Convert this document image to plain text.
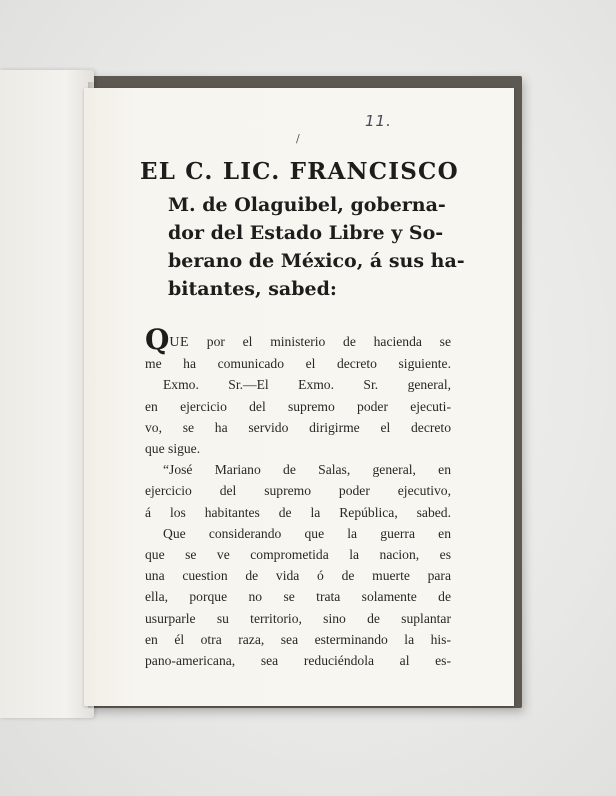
11.
/
EL C. LIC. FRANCISCO
M. de Olaguibel, goberna-
dor del Estado Libre y So-
berano de México, á sus ha-
bitantes, sabed:
QUE por el ministerio de hacienda se
me ha comunicado el decreto siguiente.
Exmo. Sr.—El Exmo. Sr. general,
en ejercicio del supremo poder ejecuti-
vo, se ha servido dirigirme el decreto
que sigue.
“José Mariano de Salas, general, en
ejercicio del supremo poder ejecutivo,
á los habitantes de la República, sabed.
Que considerando que la guerra en
que se ve comprometida la nacion, es
una cuestion de vida ó de muerte para
ella, porque no se trata solamente de
usurparle su territorio, sino de suplantar
en él otra raza, sea esterminando la his-
pano-americana, sea reduciéndola al es-
